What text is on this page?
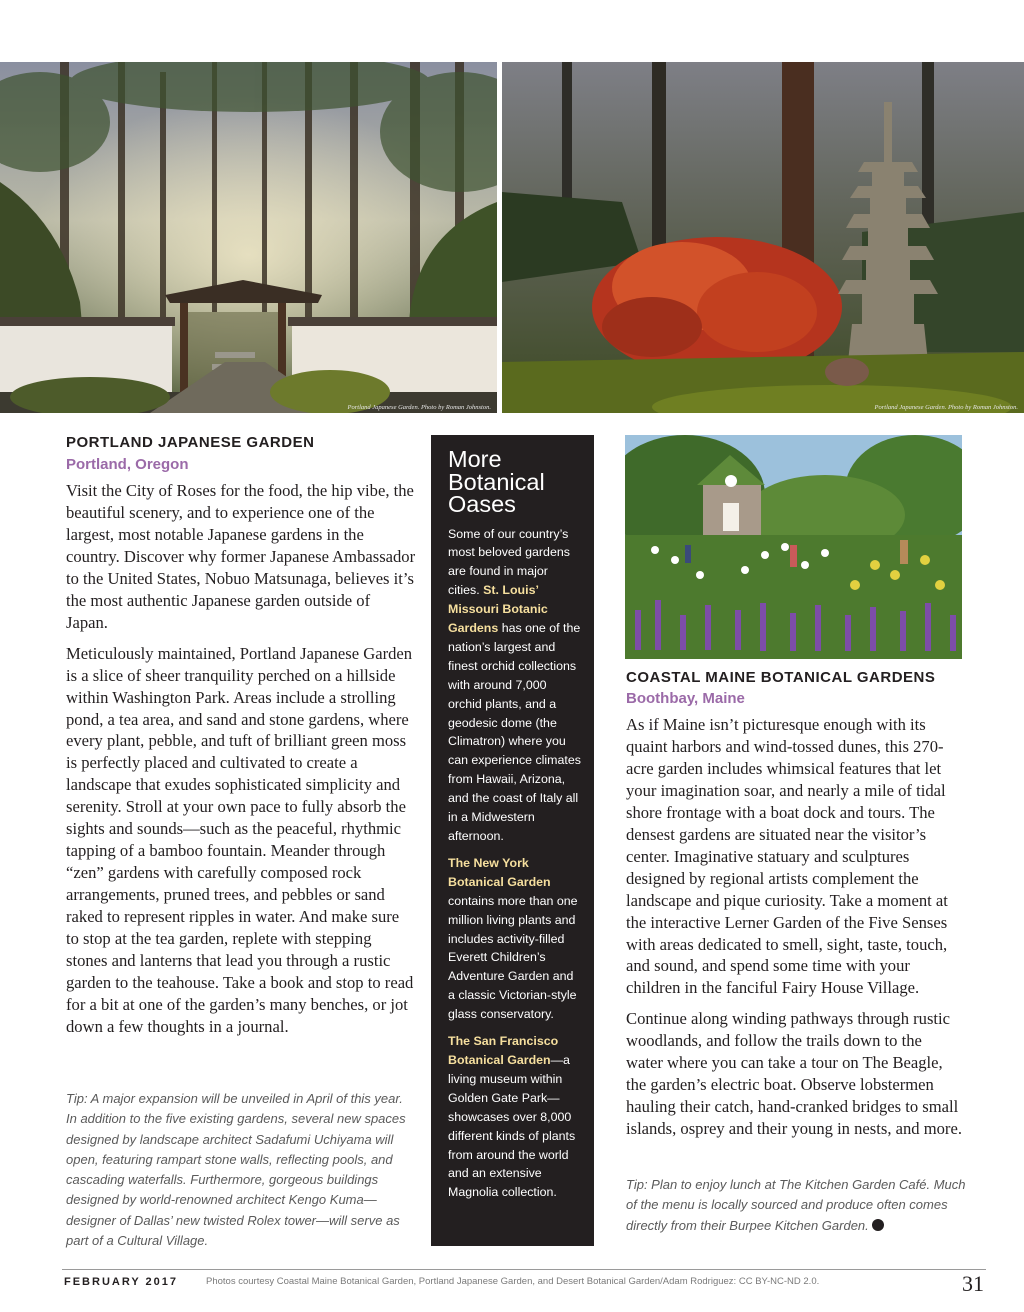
Portland Japanese Garden. Photo by Roman Johnston.	Portland Japanese Garden. Photo by Roman Johnston.
PORTLAND JAPANESE GARDEN
Portland, Oregon

Visit the City of Roses for the food, the hip vibe, the beautiful scenery, and to experience one of the largest, most notable Japanese gardens in the country. Discover why former Japanese Ambassador to the United States, Nobuo Matsunaga, believes it’s the most authentic Japanese garden outside of Japan.

Meticulously maintained, Portland Japanese Garden is a slice of sheer tranquility perched on a hillside within Washington Park. Areas include a strolling pond, a tea area, and sand and stone gardens, where every plant, pebble, and tuft of brilliant green moss is perfectly placed and cultivated to create a landscape that exudes sophisticated simplicity and serenity. Stroll at your own pace to fully absorb the sights and sounds—such as the peaceful, rhythmic tapping of a bamboo fountain. Meander through “zen” gardens with carefully composed rock arrangements, pruned trees, and pebbles or sand raked to represent ripples in water. And make sure to stop at the tea garden, replete with stepping stones and lanterns that lead you through a rustic garden to the teahouse. Take a book and stop to read for a bit at one of the garden’s many benches, or jot down a few thoughts in a journal.

Tip: A major expansion will be unveiled in April of this year. In addition to the five existing gardens, several new spaces designed by landscape architect Sadafumi Uchiyama will open, featuring rampart stone walls, reflecting pools, and cascading waterfalls. Furthermore, gorgeous buildings designed by world-renowned architect Kengo Kuma—designer of Dallas’ new twisted Rolex tower—will serve as part of a Cultural Village.
More Botanical Oases

Some of our country’s most beloved gardens are found in major cities. St. Louis’ Missouri Botanic Gardens has one of the nation’s largest and finest orchid collections with around 7,000 orchid plants, and a geodesic dome (the Climatron) where you can experience climates from Hawaii, Arizona, and the coast of Italy all in a Midwestern afternoon.

The New York Botanical Garden contains more than one million living plants and includes activity-filled Everett Children’s Adventure Garden and a classic Victorian-style glass conservatory.

The San Francisco Botanical Garden—a living museum within Golden Gate Park—showcases over 8,000 different kinds of plants from around the world and an extensive Magnolia collection.

COASTAL MAINE BOTANICAL GARDENS
Boothbay, Maine

As if Maine isn’t picturesque enough with its quaint harbors and wind-tossed dunes, this 270-acre garden includes whimsical features that let your imagination soar, and nearly a mile of tidal shore frontage with a boat dock and tours. The densest gardens are situated near the visitor’s center. Imaginative statuary and sculptures designed by regional artists complement the landscape and pique curiosity. Take a moment at the interactive Lerner Garden of the Five Senses with areas dedicated to smell, sight, taste, touch, and sound, and spend some time with your children in the fanciful Fairy House Village.

Continue along winding pathways through rustic woodlands, and follow the trails down to the water where you can take a tour on The Beagle, the garden’s electric boat. Observe lobstermen hauling their catch, hand-cranked bridges to small islands, osprey and their young in nests, and more.

Tip: Plan to enjoy lunch at The Kitchen Garden Café. Much of the menu is locally sourced and produce often comes directly from their Burpee Kitchen Garden.
FEBRUARY 2017	Photos courtesy Coastal Maine Botanical Garden, Portland Japanese Garden, and Desert Botanical Garden/Adam Rodriguez: CC BY-NC-ND 2.0.	31
